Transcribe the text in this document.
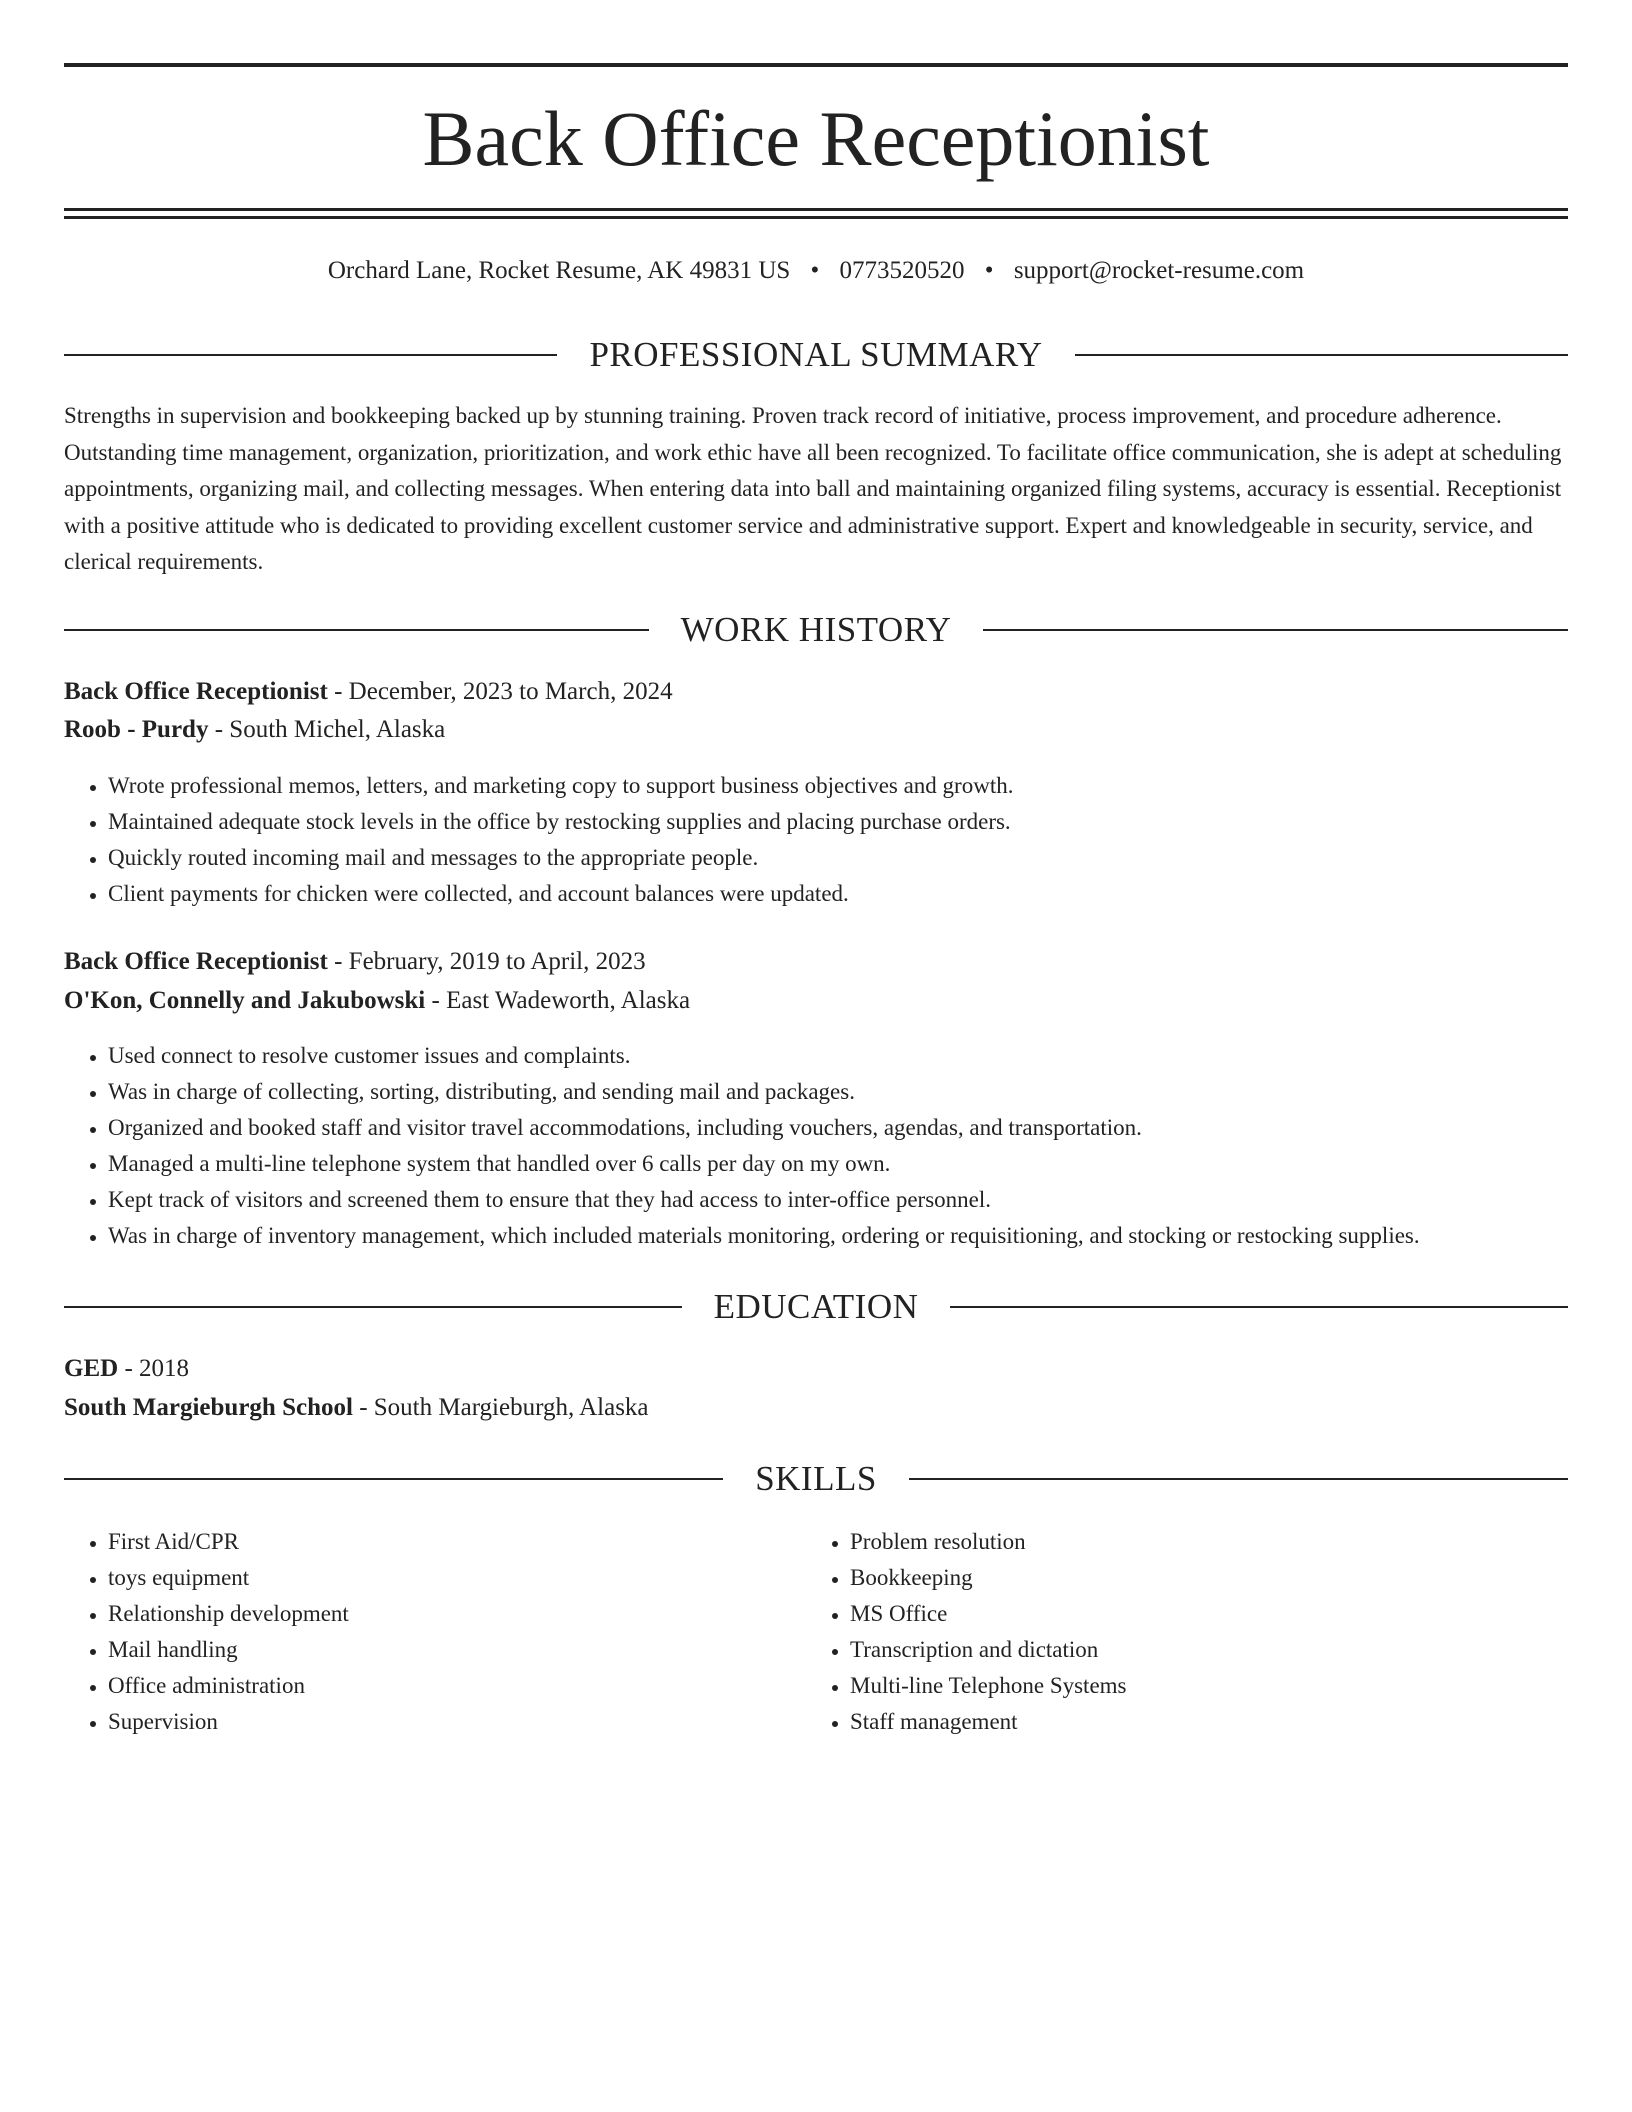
Back Office Receptionist
Orchard Lane, Rocket Resume, AK 49831 US • 0773520520 • support@rocket-resume.com
PROFESSIONAL SUMMARY

Strengths in supervision and bookkeeping backed up by stunning training. Proven track record of initiative, process improvement, and procedure adherence. Outstanding time management, organization, prioritization, and work ethic have all been recognized. To facilitate office communication, she is adept at scheduling appointments, organizing mail, and collecting messages. When entering data into ball and maintaining organized filing systems, accuracy is essential. Receptionist with a positive attitude who is dedicated to providing excellent customer service and administrative support. Expert and knowledgeable in security, service, and clerical requirements.

WORK HISTORY
Back Office Receptionist - December, 2023 to March, 2024
Roob - Purdy - South Michel, Alaska
• Wrote professional memos, letters, and marketing copy to support business objectives and growth.
• Maintained adequate stock levels in the office by restocking supplies and placing purchase orders.
• Quickly routed incoming mail and messages to the appropriate people.
• Client payments for chicken were collected, and account balances were updated.
Back Office Receptionist - February, 2019 to April, 2023
O'Kon, Connelly and Jakubowski - East Wadeworth, Alaska
• Used connect to resolve customer issues and complaints.
• Was in charge of collecting, sorting, distributing, and sending mail and packages.
• Organized and booked staff and visitor travel accommodations, including vouchers, agendas, and transportation.
• Managed a multi-line telephone system that handled over 6 calls per day on my own.
• Kept track of visitors and screened them to ensure that they had access to inter-office personnel.
• Was in charge of inventory management, which included materials monitoring, ordering or requisitioning, and stocking or restocking supplies.
EDUCATION
GED - 2018
South Margieburgh School - South Margieburgh, Alaska
SKILLS
• First Aid/CPR
• toys equipment
• Relationship development
• Mail handling
• Office administration
• Supervision
• Problem resolution
• Bookkeeping
• MS Office
• Transcription and dictation
• Multi-line Telephone Systems
• Staff management
